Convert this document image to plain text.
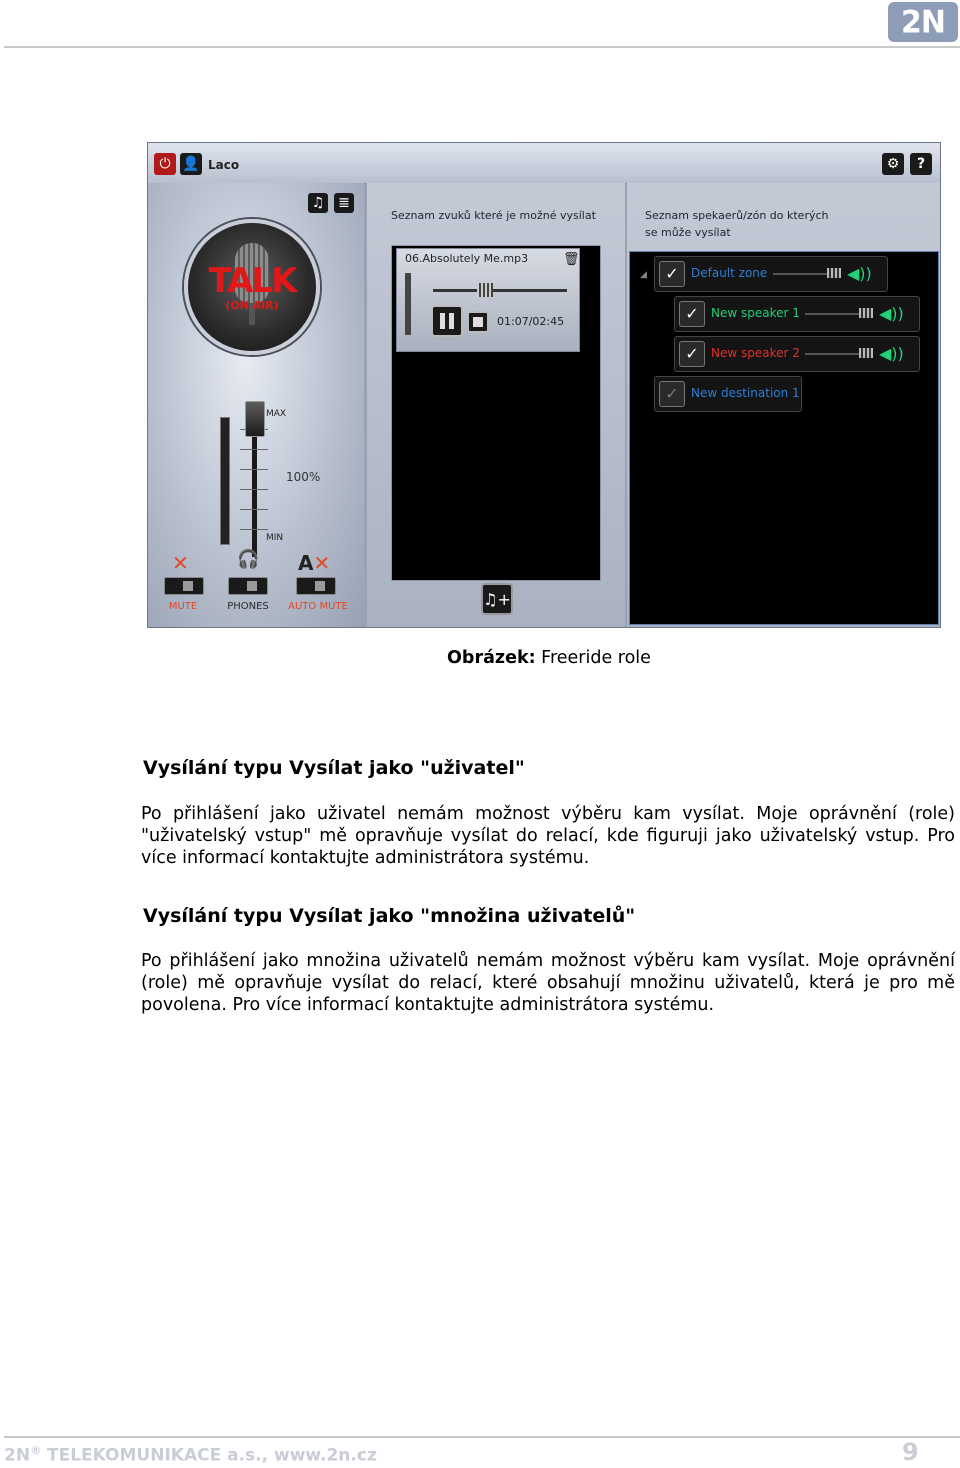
2N
⏻ 👤 Laco	⚙	?
♫ ≣
TALK
(ON AIR)
MAX
MIN
100%
✕	🎧 A✕
MUTE	PHONES	AUTO MUTE
Seznam zvuků které je možné vysílat
06.Absolutely Me.mp3	🗑
01:07/02:45
♫+
Seznam spekaerů/zón do kterých
se může vysílat
◢	✓	Default zone	◀))
✓	New speaker 1	◀))
✓	New speaker 2	◀))
✓	New destination 1
Obrázek: Freeride role
Vysílání typu Vysílat jako "uživatel"
Po přihlášení jako uživatel nemám možnost výběru kam vysílat. Moje oprávnění (role) "uživatelský vstup" mě opravňuje vysílat do relací, kde figuruji jako uživatelský vstup. Pro více informací kontaktujte administrátora systému.
Vysílání typu Vysílat jako "množina uživatelů"
Po přihlášení jako množina uživatelů nemám možnost výběru kam vysílat. Moje oprávnění (role) mě opravňuje vysílat do relací, které obsahují množinu uživatelů, která je pro mě povolena. Pro více informací kontaktujte administrátora systému.
2N® TELEKOMUNIKACE a.s., www.2n.cz	9
